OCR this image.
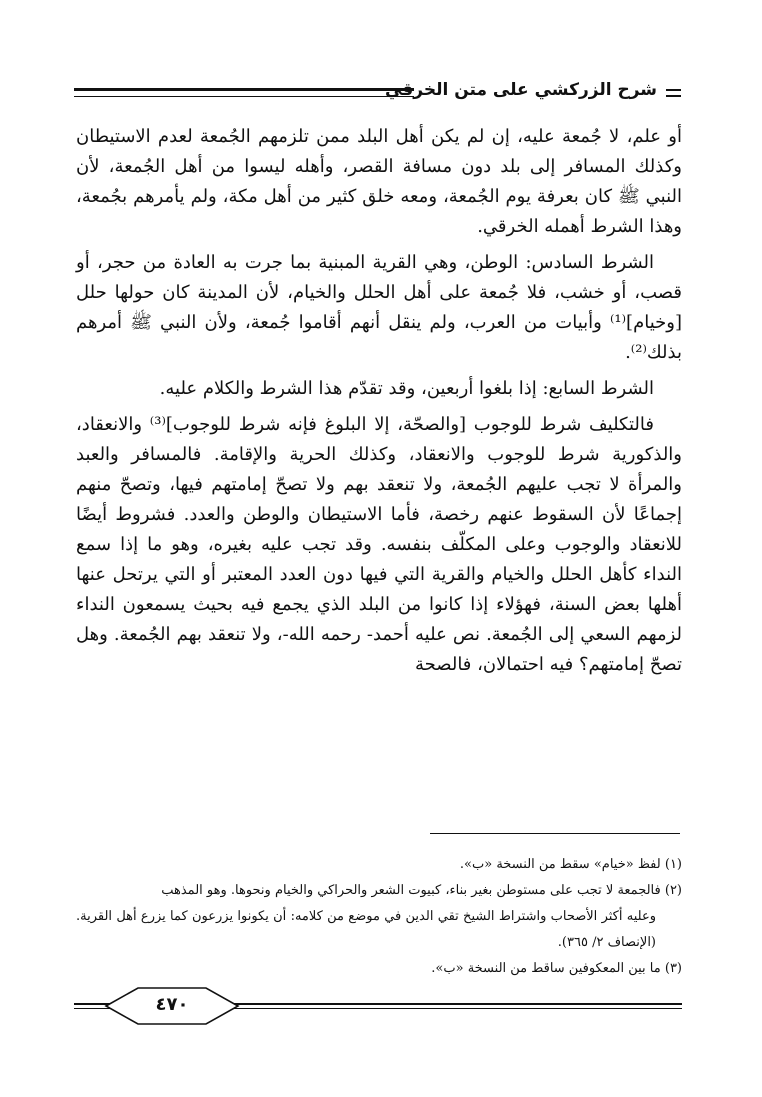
شرح الزركشي على متن الخرقي

أو علم، لا جُمعة عليه، إن لم يكن أهل البلد ممن تلزمهم الجُمعة لعدم الاستيطان وكذلك المسافر إلى بلد دون مسافة القصر، وأهله ليسوا من أهل الجُمعة، لأن النبي ﷺ كان بعرفة يوم الجُمعة، ومعه خلق كثير من أهل مكة، ولم يأمرهم بجُمعة، وهذا الشرط أهمله الخرقي.

الشرط السادس: الوطن، وهي القرية المبنية بما جرت به العادة من حجر، أو قصب، أو خشب، فلا جُمعة على أهل الحلل والخيام، لأن المدينة كان حولها حلل [وخيام]⁽¹⁾ وأبيات من العرب، ولم ينقل أنهم أقاموا جُمعة، ولأن النبي ﷺ أمرهم بذلك⁽²⁾.

الشرط السابع: إذا بلغوا أربعين، وقد تقدّم هذا الشرط والكلام عليه.

فالتكليف شرط للوجوب [والصحّة، إلا البلوغ فإنه شرط للوجوب]⁽³⁾ والانعقاد، والذكورية شرط للوجوب والانعقاد، وكذلك الحرية والإقامة. فالمسافر والعبد والمرأة لا تجب عليهم الجُمعة، ولا تنعقد بهم ولا تصحّ إمامتهم فيها، وتصحّ منهم إجماعًا لأن السقوط عنهم رخصة، فأما الاستيطان والوطن والعدد. فشروط أيضًا للانعقاد والوجوب وعلى المكلّف بنفسه. وقد تجب عليه بغيره، وهو ما إذا سمع النداء كأهل الحلل والخيام والقرية التي فيها دون العدد المعتبر أو التي يرتحل عنها أهلها بعض السنة، فهؤلاء إذا كانوا من البلد الذي يجمع فيه بحيث يسمعون النداء لزمهم السعي إلى الجُمعة. نص عليه أحمد- رحمه الله-، ولا تنعقد بهم الجُمعة. وهل تصحّ إمامتهم؟ فيه احتمالان، فالصحة

(١) لفظ «خيام» سقط من النسخة «ب».

(٢) فالجمعة لا تجب على مستوطن بغير بناء، كبيوت الشعر والحراكي والخيام ونحوها. وهو المذهب

وعليه أكثر الأصحاب واشتراط الشيخ تقي الدين في موضع من كلامه: أن يكونوا يزرعون كما يزرع أهل القرية. (الإنصاف ٢/ ٣٦٥).

(٣) ما بين المعكوفين ساقط من النسخة «ب».

٤٧٠
